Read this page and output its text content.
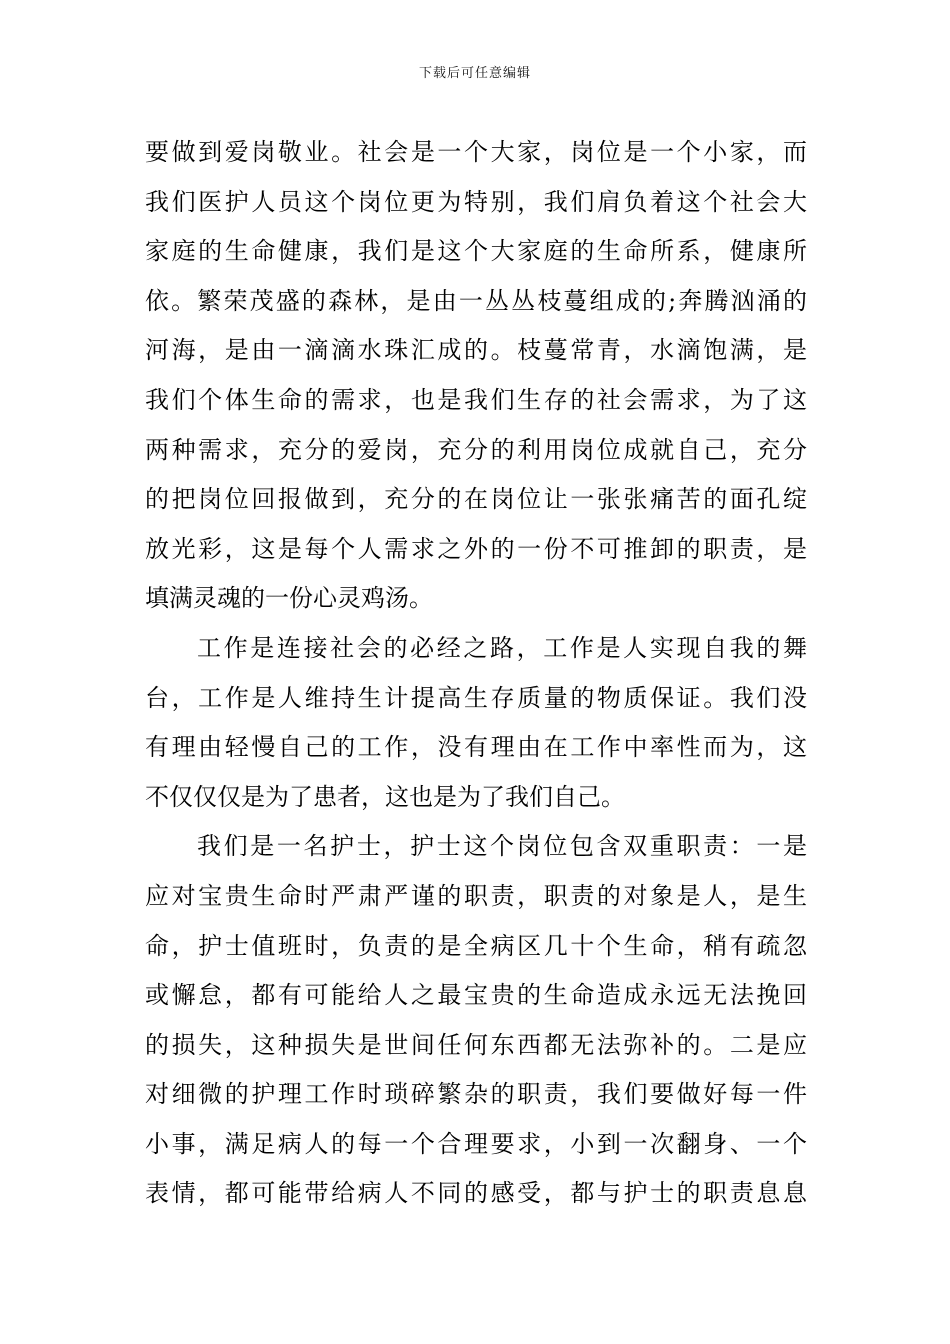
下载后可任意编辑
要做到爱岗敬业。社会是一个大家，岗位是一个小家，而
我们医护人员这个岗位更为特别，我们肩负着这个社会大
家庭的生命健康，我们是这个大家庭的生命所系，健康所
依。繁荣茂盛的森林，是由一丛丛枝蔓组成的;奔腾汹涌的
河海，是由一滴滴水珠汇成的。枝蔓常青，水滴饱满，是
我们个体生命的需求，也是我们生存的社会需求，为了这
两种需求，充分的爱岗，充分的利用岗位成就自己，充分
的把岗位回报做到，充分的在岗位让一张张痛苦的面孔绽
放光彩，这是每个人需求之外的一份不可推卸的职责，是
填满灵魂的一份心灵鸡汤。
工作是连接社会的必经之路，工作是人实现自我的舞
台，工作是人维持生计提高生存质量的物质保证。我们没
有理由轻慢自己的工作，没有理由在工作中率性而为，这
不仅仅仅是为了患者，这也是为了我们自己。
我们是一名护士，护士这个岗位包含双重职责：一是
应对宝贵生命时严肃严谨的职责，职责的对象是人，是生
命，护士值班时，负责的是全病区几十个生命，稍有疏忽
或懈怠，都有可能给人之最宝贵的生命造成永远无法挽回
的损失，这种损失是世间任何东西都无法弥补的。二是应
对细微的护理工作时琐碎繁杂的职责，我们要做好每一件
小事，满足病人的每一个合理要求，小到一次翻身、一个
表情，都可能带给病人不同的感受，都与护士的职责息息
